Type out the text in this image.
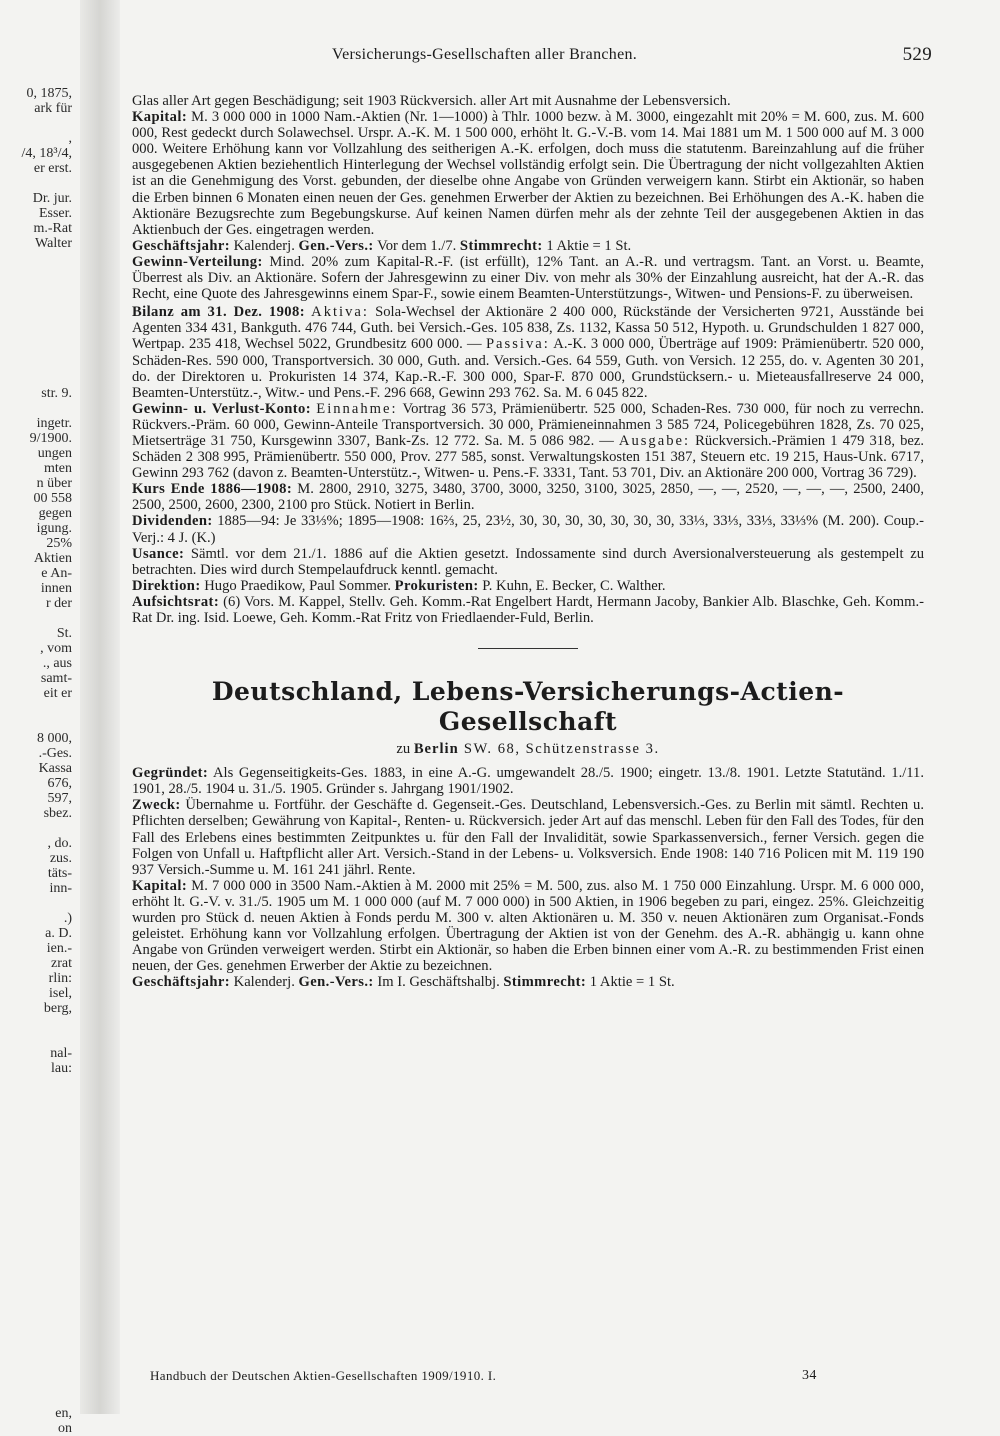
0, 1875,
ark für
,
/4, 18³/4,
er erst.
Dr. jur.
Esser.
m.-Rat
Walter
str. 9.
ingetr.
9/1900.
ungen
mten
n über
00 558
gegen
igung.
25%
Aktien
e An-
innen
r der
St.
, vom
., aus
samt-
eit er
8 000,
.-Ges.
Kassa
676,
597,
sbez.
, do.
zus.
täts-
inn-
.)
a. D.
ien.-
zrat
rlin:
isel,
berg,
nal-
lau:
en,
on
Versicherungs-Gesellschaften aller Branchen.	529

Glas aller Art gegen Beschädigung; seit 1903 Rückversich. aller Art mit Ausnahme der Lebensversich.

Kapital: M. 3 000 000 in 1000 Nam.-Aktien (Nr. 1—1000) à Thlr. 1000 bezw. à M. 3000, eingezahlt mit 20% = M. 600, zus. M. 600 000, Rest gedeckt durch Solawechsel. Urspr. A.-K. M. 1 500 000, erhöht lt. G.-V.-B. vom 14. Mai 1881 um M. 1 500 000 auf M. 3 000 000. Weitere Erhöhung kann vor Vollzahlung des seitherigen A.-K. erfolgen, doch muss die statutenm. Bareinzahlung auf die früher ausgegebenen Aktien beziehentlich Hinterlegung der Wechsel vollständig erfolgt sein. Die Übertragung der nicht vollgezahlten Aktien ist an die Genehmigung des Vorst. gebunden, der dieselbe ohne Angabe von Gründen verweigern kann. Stirbt ein Aktionär, so haben die Erben binnen 6 Monaten einen neuen der Ges. genehmen Erwerber der Aktien zu bezeichnen. Bei Erhöhungen des A.-K. haben die Aktionäre Bezugsrechte zum Begebungskurse. Auf keinen Namen dürfen mehr als der zehnte Teil der ausgegebenen Aktien in das Aktienbuch der Ges. eingetragen werden.

Geschäftsjahr: Kalenderj. Gen.-Vers.: Vor dem 1./7. Stimmrecht: 1 Aktie = 1 St.

Gewinn-Verteilung: Mind. 20% zum Kapital-R.-F. (ist erfüllt), 12% Tant. an A.-R. und vertragsm. Tant. an Vorst. u. Beamte, Überrest als Div. an Aktionäre. Sofern der Jahresgewinn zu einer Div. von mehr als 30% der Einzahlung ausreicht, hat der A.-R. das Recht, eine Quote des Jahresgewinns einem Spar-F., sowie einem Beamten-Unterstützungs-, Witwen- und Pensions-F. zu überweisen.

Bilanz am 31. Dez. 1908: Aktiva: Sola-Wechsel der Aktionäre 2 400 000, Rückstände der Versicherten 9721, Ausstände bei Agenten 334 431, Bankguth. 476 744, Guth. bei Versich.-Ges. 105 838, Zs. 1132, Kassa 50 512, Hypoth. u. Grundschulden 1 827 000, Wertpap. 235 418, Wechsel 5022, Grundbesitz 600 000. — Passiva: A.-K. 3 000 000, Überträge auf 1909: Prämienübertr. 520 000, Schäden-Res. 590 000, Transportversich. 30 000, Guth. and. Versich.-Ges. 64 559, Guth. von Versich. 12 255, do. v. Agenten 30 201, do. der Direktoren u. Prokuristen 14 374, Kap.-R.-F. 300 000, Spar-F. 870 000, Grundstücksern.- u. Mieteausfallreserve 24 000, Beamten-Unterstütz.-, Witw.- und Pens.-F. 296 668, Gewinn 293 762. Sa. M. 6 045 822.

Gewinn- u. Verlust-Konto: Einnahme: Vortrag 36 573, Prämienübertr. 525 000, Schaden-Res. 730 000, für noch zu verrechn. Rückvers.-Präm. 60 000, Gewinn-Anteile Transportversich. 30 000, Prämieneinnahmen 3 585 724, Policegebühren 1828, Zs. 70 025, Mietserträge 31 750, Kursgewinn 3307, Bank-Zs. 12 772. Sa. M. 5 086 982. — Ausgabe: Rückversich.-Prämien 1 479 318, bez. Schäden 2 308 995, Prämienübertr. 550 000, Prov. 277 585, sonst. Verwaltungskosten 151 387, Steuern etc. 19 215, Haus-Unk. 6717, Gewinn 293 762 (davon z. Beamten-Unterstütz.-, Witwen- u. Pens.-F. 3331, Tant. 53 701, Div. an Aktionäre 200 000, Vortrag 36 729).

Kurs Ende 1886—1908: M. 2800, 2910, 3275, 3480, 3700, 3000, 3250, 3100, 3025, 2850, —, —, 2520, —, —, —, 2500, 2400, 2500, 2500, 2600, 2300, 2100 pro Stück. Notiert in Berlin.

Dividenden: 1885—94: Je 33⅓%; 1895—1908: 16⅔, 25, 23½, 30, 30, 30, 30, 30, 30, 30, 33⅓, 33⅓, 33⅓, 33⅓% (M. 200). Coup.-Verj.: 4 J. (K.)

Usance: Sämtl. vor dem 21./1. 1886 auf die Aktien gesetzt. Indossamente sind durch Aversionalversteuerung als gestempelt zu betrachten. Dies wird durch Stempelaufdruck kenntl. gemacht.

Direktion: Hugo Praedikow, Paul Sommer. Prokuristen: P. Kuhn, E. Becker, C. Walther.

Aufsichtsrat: (6) Vors. M. Kappel, Stellv. Geh. Komm.-Rat Engelbert Hardt, Hermann Jacoby, Bankier Alb. Blaschke, Geh. Komm.-Rat Dr. ing. Isid. Loewe, Geh. Komm.-Rat Fritz von Friedlaender-Fuld, Berlin.

Deutschland, Lebens-Versicherungs-Actien-Gesellschaft
zu Berlin SW. 68, Schützenstrasse 3.

Gegründet: Als Gegenseitigkeits-Ges. 1883, in eine A.-G. umgewandelt 28./5. 1900; eingetr. 13./8. 1901. Letzte Statutänd. 1./11. 1901, 28./5. 1904 u. 31./5. 1905. Gründer s. Jahrgang 1901/1902.

Zweck: Übernahme u. Fortführ. der Geschäfte d. Gegenseit.-Ges. Deutschland, Lebensversich.-Ges. zu Berlin mit sämtl. Rechten u. Pflichten derselben; Gewährung von Kapital-, Renten- u. Rückversich. jeder Art auf das menschl. Leben für den Fall des Todes, für den Fall des Erlebens eines bestimmten Zeitpunktes u. für den Fall der Invalidität, sowie Sparkassenversich., ferner Versich. gegen die Folgen von Unfall u. Haftpflicht aller Art. Versich.-Stand in der Lebens- u. Volksversich. Ende 1908: 140 716 Policen mit M. 119 190 937 Versich.-Summe u. M. 161 241 jährl. Rente.

Kapital: M. 7 000 000 in 3500 Nam.-Aktien à M. 2000 mit 25% = M. 500, zus. also M. 1 750 000 Einzahlung. Urspr. M. 6 000 000, erhöht lt. G.-V. v. 31./5. 1905 um M. 1 000 000 (auf M. 7 000 000) in 500 Aktien, in 1906 begeben zu pari, eingez. 25%. Gleichzeitig wurden pro Stück d. neuen Aktien à Fonds perdu M. 300 v. alten Aktionären u. M. 350 v. neuen Aktionären zum Organisat.-Fonds geleistet. Erhöhung kann vor Vollzahlung erfolgen. Übertragung der Aktien ist von der Genehm. des A.-R. abhängig u. kann ohne Angabe von Gründen verweigert werden. Stirbt ein Aktionär, so haben die Erben binnen einer vom A.-R. zu bestimmenden Frist einen neuen, der Ges. genehmen Erwerber der Aktie zu bezeichnen.

Geschäftsjahr: Kalenderj. Gen.-Vers.: Im I. Geschäftshalbj. Stimmrecht: 1 Aktie = 1 St.

Handbuch der Deutschen Aktien-Gesellschaften 1909/1910. I.	34
